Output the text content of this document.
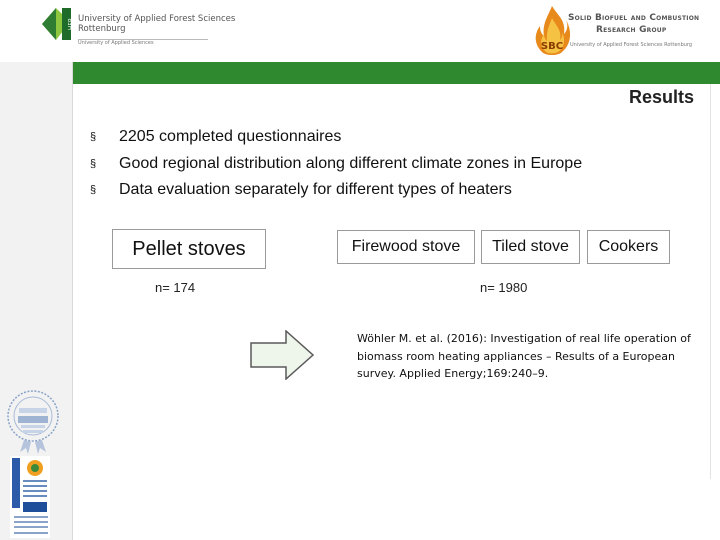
HFR University of Applied Forest Sciences
Rottenburg
University of Applied Sciences	SBC
Solid Biofuel and Combustion
Research Group
University of Applied Forest Sciences Rottenburg
Results
§ 2205 completed questionnaires
§ Good regional distribution along different climate zones in Europe
§ Data evaluation separately for different types of heaters
Pellet stoves	Firewood stove	Tiled stove	Cookers
n= 174	n= 1980
Wöhler M. et al. (2016): Investigation of real life operation of biomass room heating appliances – Results of a European survey. Applied Energy;169:240–9.
